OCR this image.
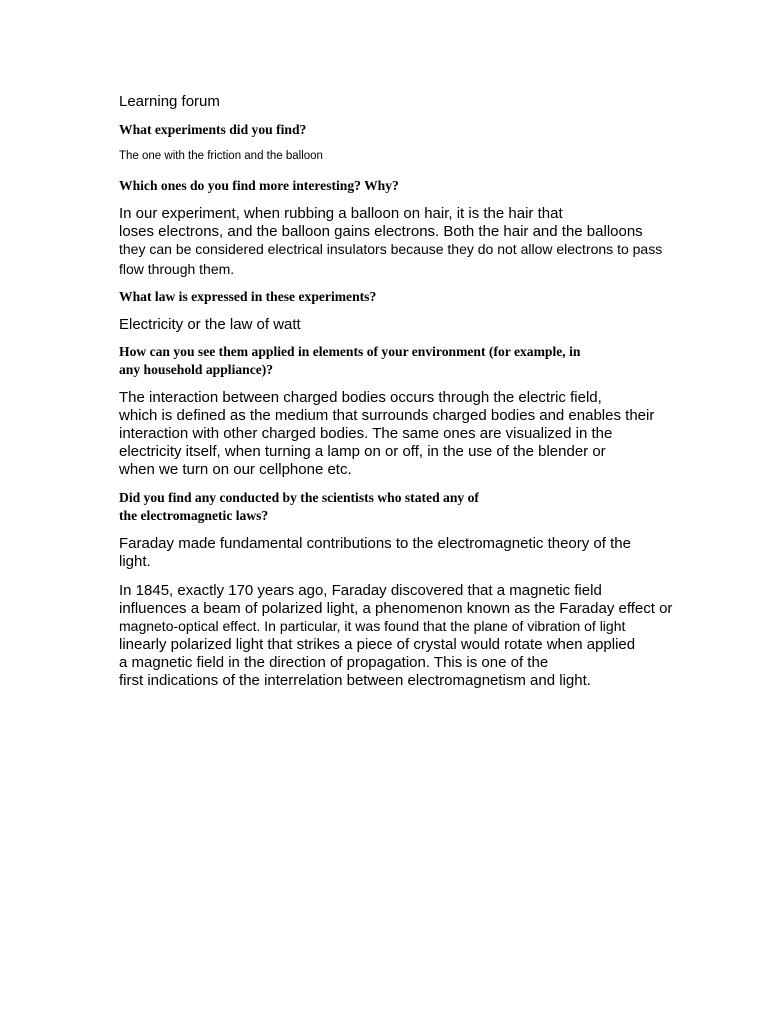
Learning forum

What experiments did you find?

The one with the friction and the balloon

Which ones do you find more interesting? Why?

In our experiment, when rubbing a balloon on hair, it is the hair that

loses electrons, and the balloon gains electrons. Both the hair and the balloons

they can be considered electrical insulators because they do not allow electrons to pass

flow through them.

What law is expressed in these experiments?

Electricity or the law of watt

How can you see them applied in elements of your environment (for example, in

any household appliance)?

The interaction between charged bodies occurs through the electric field,

which is defined as the medium that surrounds charged bodies and enables their

interaction with other charged bodies. The same ones are visualized in the

electricity itself, when turning a lamp on or off, in the use of the blender or

when we turn on our cellphone etc.

Did you find any conducted by the scientists who stated any of

the electromagnetic laws?

Faraday made fundamental contributions to the electromagnetic theory of the

light.

In 1845, exactly 170 years ago, Faraday discovered that a magnetic field

influences a beam of polarized light, a phenomenon known as the Faraday effect or

magneto-optical effect. In particular, it was found that the plane of vibration of light

linearly polarized light that strikes a piece of crystal would rotate when applied

a magnetic field in the direction of propagation. This is one of the

first indications of the interrelation between electromagnetism and light.
